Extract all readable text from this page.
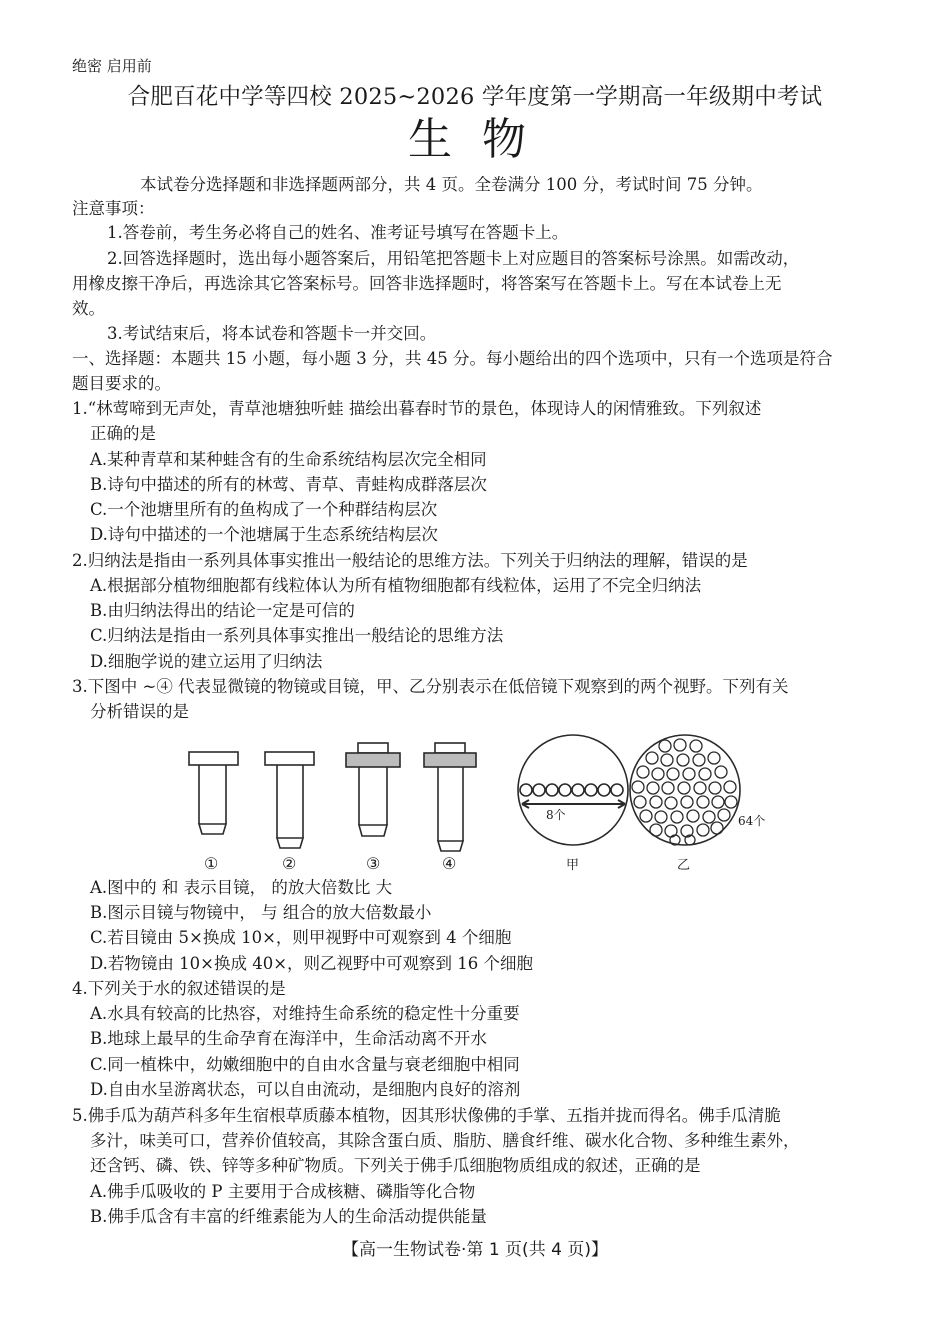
绝密 启用前
合肥百花中学等四校 2025~2026 学年度第一学期高一年级期中考试
生物
本试卷分选择题和非选择题两部分，共 4 页。全卷满分 100 分，考试时间 75 分钟。
注意事项：
1.答卷前，考生务必将自己的姓名、准考证号填写在答题卡上。
2.回答选择题时，选出每小题答案后，用铅笔把答题卡上对应题目的答案标号涂黑。如需改动，
用橡皮擦干净后，再选涂其它答案标号。回答非选择题时，将答案写在答题卡上。写在本试卷上无
效。
3.考试结束后，将本试卷和答题卡一并交回。
一、选择题：本题共 15 小题，每小题 3 分，共 45 分。每小题给出的四个选项中，只有一个选项是符合
题目要求的。
1.“林莺啼到无声处，青草池塘独听蛙 描绘出暮春时节的景色，体现诗人的闲情雅致。下列叙述
正确的是
A.某种青草和某种蛙含有的生命系统结构层次完全相同
B.诗句中描述的所有的林莺、青草、青蛙构成群落层次
C.一个池塘里所有的鱼构成了一个种群结构层次
D.诗句中描述的一个池塘属于生态系统结构层次
2.归纳法是指由一系列具体事实推出一般结论的思维方法。下列关于归纳法的理解，错误的是
A.根据部分植物细胞都有线粒体认为所有植物细胞都有线粒体，运用了不完全归纳法
B.由归纳法得出的结论一定是可信的
C.归纳法是指由一系列具体事实推出一般结论的思维方法
D.细胞学说的建立运用了归纳法
3.下图中 ~④ 代表显微镜的物镜或目镜，甲、乙分别表示在低倍镜下观察到的两个视野。下列有关
分析错误的是
8个	64个
①	②	③	④	甲	乙
A.图中的 和 表示目镜， 的放大倍数比 大
B.图示目镜与物镜中， 与 组合的放大倍数最小
C.若目镜由 5×换成 10×，则甲视野中可观察到 4 个细胞
D.若物镜由 10×换成 40×，则乙视野中可观察到 16 个细胞
4.下列关于水的叙述错误的是
A.水具有较高的比热容，对维持生命系统的稳定性十分重要
B.地球上最早的生命孕育在海洋中，生命活动离不开水
C.同一植株中，幼嫩细胞中的自由水含量与衰老细胞中相同
D.自由水呈游离状态，可以自由流动，是细胞内良好的溶剂
5.佛手瓜为葫芦科多年生宿根草质藤本植物，因其形状像佛的手掌、五指并拢而得名。佛手瓜清脆
多汁，味美可口，营养价值较高，其除含蛋白质、脂肪、膳食纤维、碳水化合物、多种维生素外，
还含钙、磷、铁、锌等多种矿物质。下列关于佛手瓜细胞物质组成的叙述，正确的是
A.佛手瓜吸收的 P 主要用于合成核糖、磷脂等化合物
B.佛手瓜含有丰富的纤维素能为人的生命活动提供能量
【高一生物试卷·第 1 页(共 4 页)】
